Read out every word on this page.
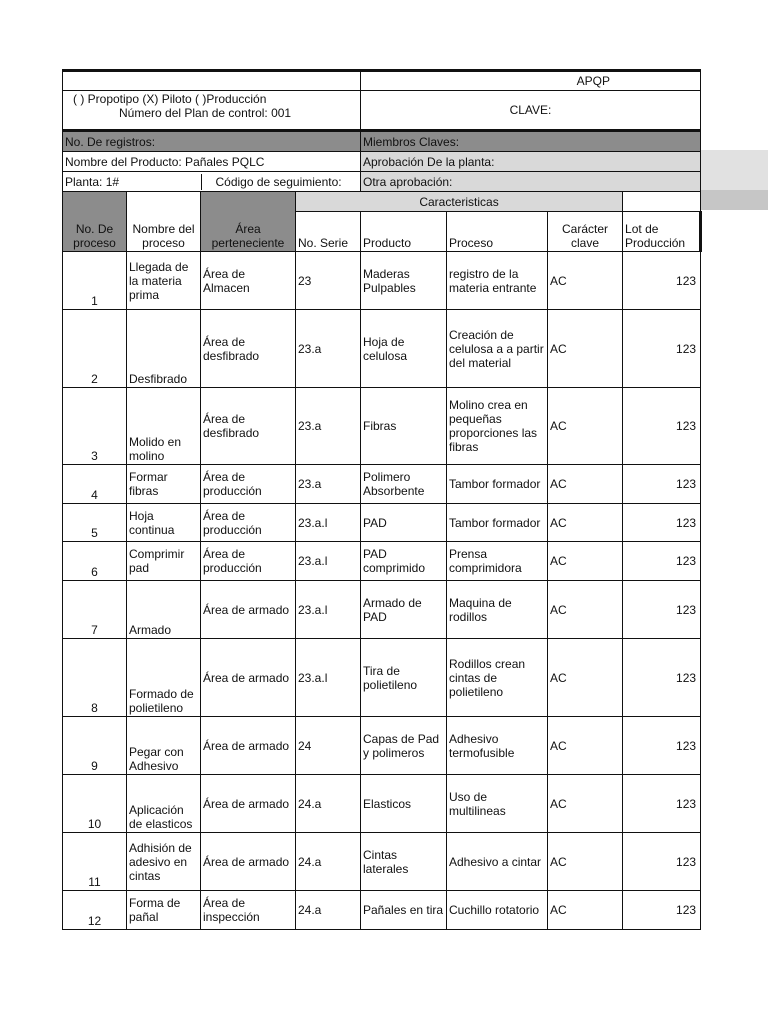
	APQP

( ) Propotipo (X) Piloto ( )Producción
Número del Plan de control: 001	CLAVE:
No. De registros:	Miembros Claves:
Nombre del Producto: Pañales PQLC	Aprobación De la planta:

Planta: 1#	Código de seguimiento:
	Otra aprobación:
No. De proceso	Nombre del proceso	Área perteneciente	Caracteristicas				
			No. Serie	Producto	Proceso	Carácter clave	Lot de Producción
1	Llegada de la materia prima	Área de Almacen	23	Maderas Pulpables	registro de la materia entrante	AC	123
2	Desfibrado	Área de desfibrado	23.a	Hoja de celulosa	Creación de celulosa a a partir del material	AC	123
3	Molido en molino	Área de desfibrado	23.a	Fibras	Molino crea en pequeñas proporciones las fibras	AC	123
4	Formar fibras	Área de producción	23.a	Polimero Absorbente	Tambor formador	AC	123
5	Hoja continua	Área de producción	23.a.l	PAD	Tambor formador	AC	123
6	Comprimir pad	Área de producción	23.a.l	PAD comprimido	Prensa comprimidora	AC	123
7	Armado	Área de armado	23.a.l	Armado de PAD	Maquina de rodillos	AC	123
8	Formado de polietileno	Área de armado	23.a.l	Tira de polietileno	Rodillos crean cintas de polietileno	AC	123
9	Pegar con Adhesivo	Área de armado	24	Capas de Pad y polimeros	Adhesivo termofusible	AC	123
10	Aplicación de elasticos	Área de armado	24.a	Elasticos	Uso de multilineas	AC	123
11	Adhisión de adesivo en cintas	Área de armado	24.a	Cintas laterales	Adhesivo a cintar	AC	123
12	Forma de pañal	Área de inspección	24.a	Pañales en tira	Cuchillo rotatorio	AC	123
